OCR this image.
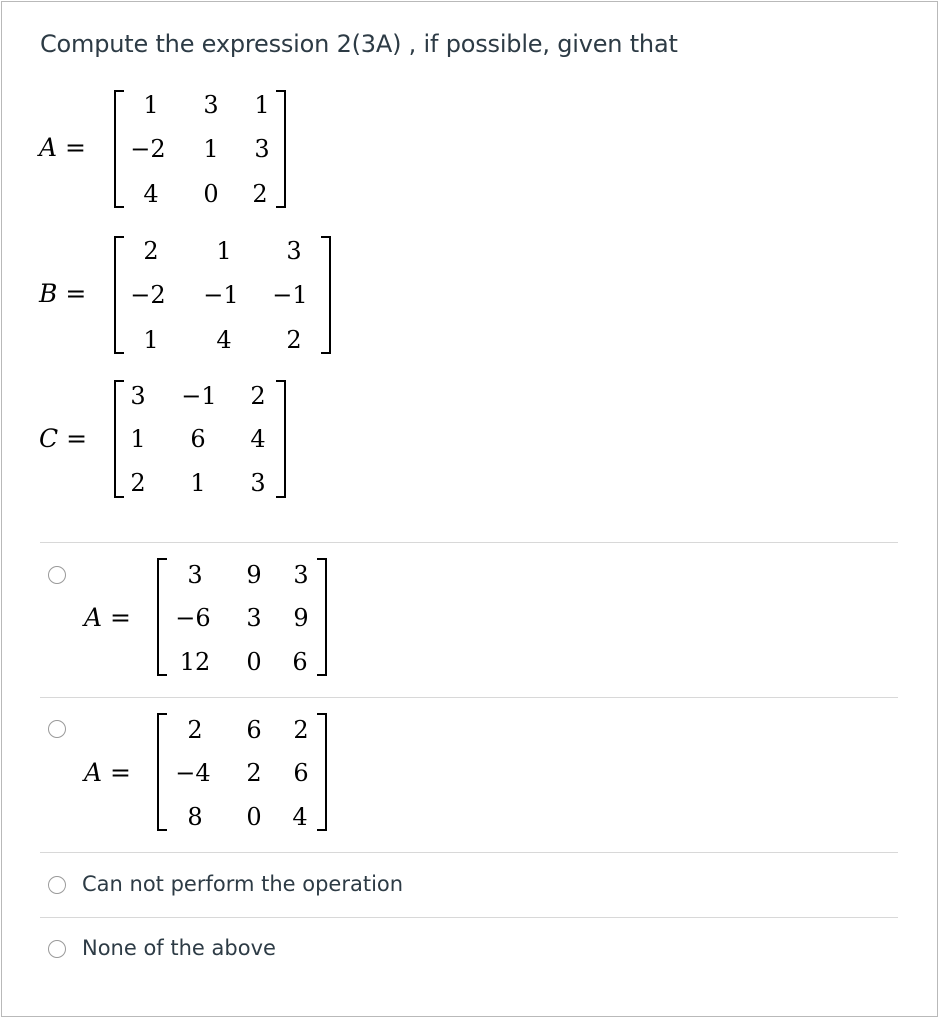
Compute the expression 2(3A) , if possible, given that
A =
1 3 1
−2 1 3
4 0 2
B =
2 1 3
−2 −1 −1
1 4 2
C =
3 −1 2
1 6 4
2 1 3
A =
3 9 3
−6 3 9
12 0 6
A =
2 6 2
−4 2 6
8 0 4
Can not perform the operation
None of the above
